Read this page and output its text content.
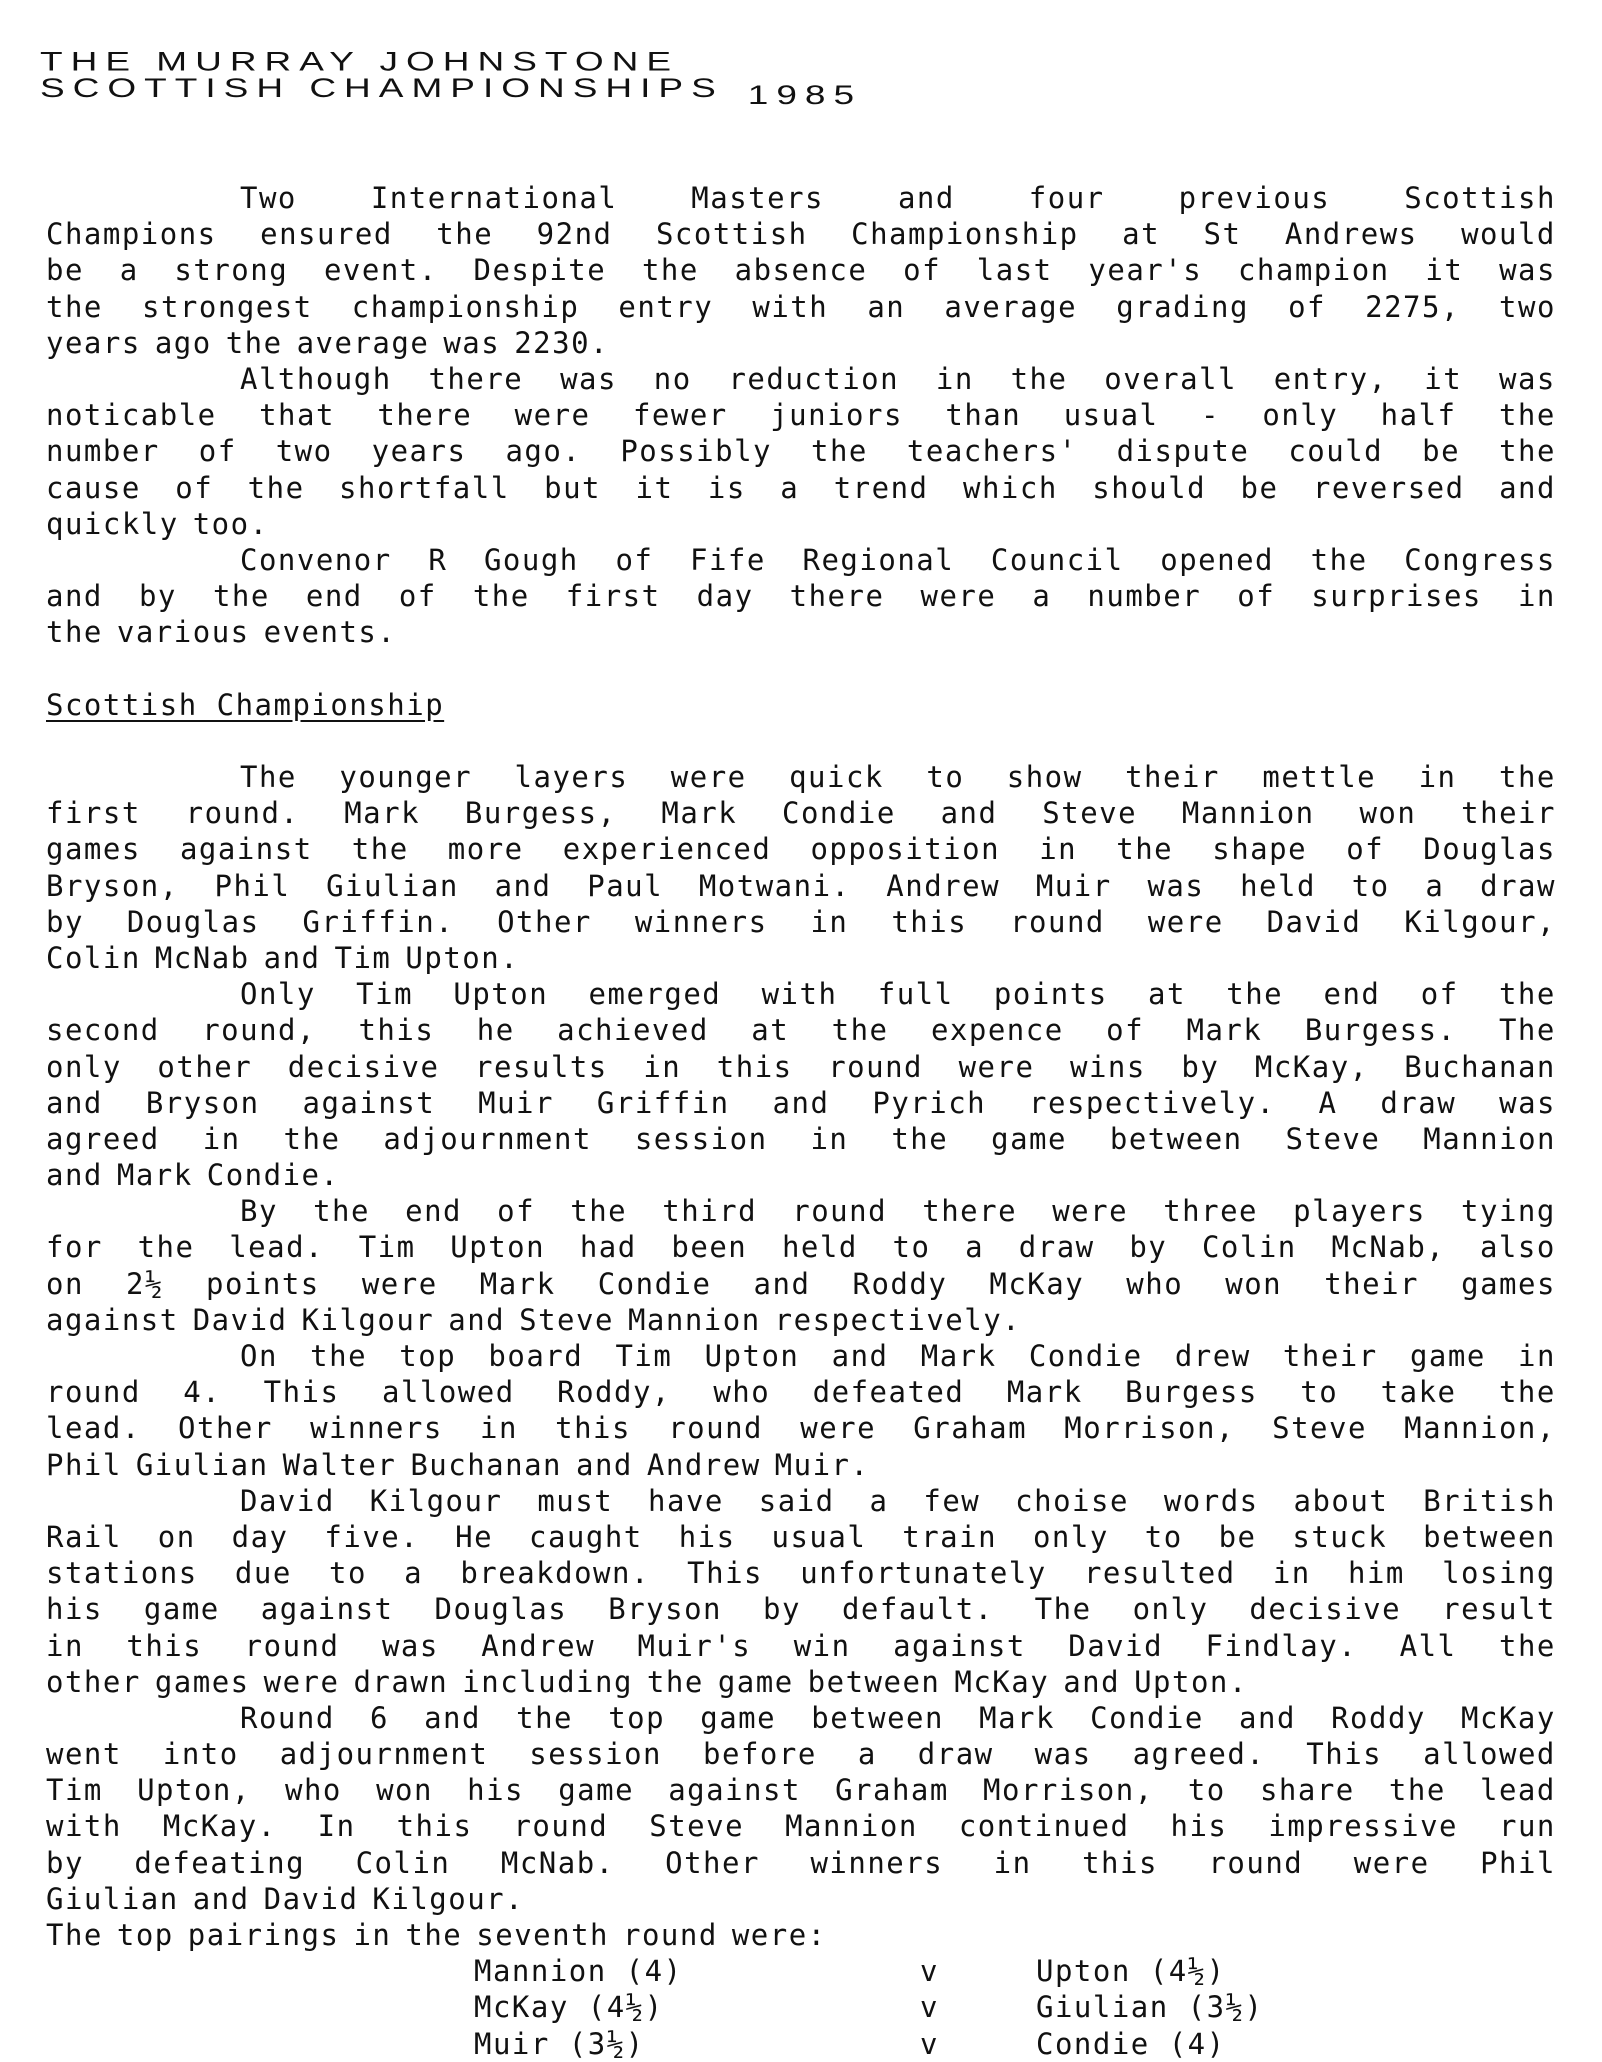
THE MURRAY JOHNSTONE
SCOTTISH CHAMPIONSHIPS 1985
Two	International	Masters	and	four	previous	Scottish
Champions ensured the 92nd Scottish Championship at St Andrews would
be a strong event. Despite the absence of last year's champion it was
the strongest championship entry with an average grading of 2275, two
years ago the average was 2230.
Although there was no reduction in the overall entry, it was
noticable that there were fewer juniors than usual - only half the
number of two years ago. Possibly the teachers' dispute could be the
cause of the shortfall but it is a trend which should be reversed and
quickly too.
Convenor R Gough of Fife Regional Council opened the Congress
and by the end of the first day there were a number of surprises in
the various events.
Scottish Championship
The younger layers were quick to show their mettle in the
first round. Mark Burgess, Mark Condie and Steve Mannion won their
games against the more experienced opposition in the shape of Douglas
Bryson, Phil Giulian and Paul Motwani. Andrew Muir was held to a draw
by Douglas Griffin. Other winners in this round were David Kilgour,
Colin McNab and Tim Upton.
Only Tim Upton emerged with full points at the end of the
second round, this he achieved at the expence of Mark Burgess. The
only other decisive results in this round were wins by McKay, Buchanan
and Bryson against Muir Griffin and Pyrich respectively. A draw was
agreed in the adjournment session in the game between Steve Mannion
and Mark Condie.
By the end of the third round there were three players tying
for the lead. Tim Upton had been held to a draw by Colin McNab, also
on 2½ points were Mark Condie and Roddy McKay who won their games
against David Kilgour and Steve Mannion respectively.
On the top board Tim Upton and Mark Condie drew their game in
round 4. This allowed Roddy, who defeated Mark Burgess to take the
lead. Other winners in this round were Graham Morrison, Steve Mannion,
Phil Giulian Walter Buchanan and Andrew Muir.
David Kilgour must have said a few choise words about British
Rail on day five. He caught his usual train only to be stuck between
stations due to a breakdown. This unfortunately resulted in him losing
his game against Douglas Bryson by default. The only decisive result
in this round was Andrew Muir's win against David Findlay. All the
other games were drawn including the game between McKay and Upton.
Round 6 and the top game between Mark Condie and Roddy McKay
went into adjournment session before a draw was agreed. This allowed
Tim Upton, who won his game against Graham Morrison, to share the lead
with McKay. In this round Steve Mannion continued his impressive run
by defeating Colin McNab. Other winners in this round were Phil
Giulian and David Kilgour.
The top pairings in the seventh round were:
Mannion (4)	v	Upton (4½)
McKay (4½)	v	Giulian (3½)
Muir (3½)	v	Condie (4)
